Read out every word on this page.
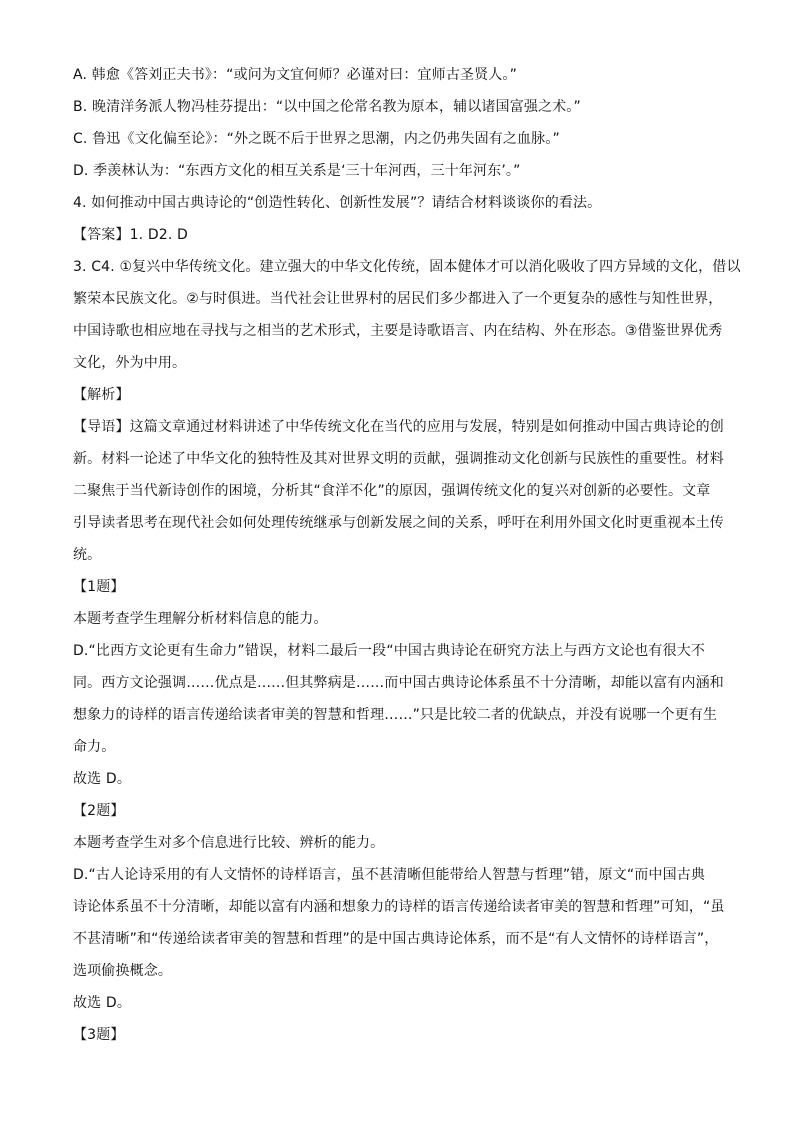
A. 韩愈《答刘正夫书》：“或问为文宜何师？必谨对曰：宜师古圣贤人。”
B. 晚清洋务派人物冯桂芬提出：“以中国之伦常名教为原本，辅以诸国富强之术。”
C. 鲁迅《文化偏至论》：“外之既不后于世界之思潮，内之仍弗失固有之血脉。”
D. 季羡林认为：“东西方文化的相互关系是‘三十年河西，三十年河东’。”
4. 如何推动中国古典诗论的“创造性转化、创新性发展”？请结合材料谈谈你的看法。
【答案】1. D2. D
3. C4. ①复兴中华传统文化。建立强大的中华文化传统，固本健体才可以消化吸收了四方异域的文化，借以
繁荣本民族文化。②与时俱进。当代社会让世界村的居民们多少都进入了一个更复杂的感性与知性世界，
中国诗歌也相应地在寻找与之相当的艺术形式，主要是诗歌语言、内在结构、外在形态。③借鉴世界优秀
文化，外为中用。
【解析】
【导语】这篇文章通过材料讲述了中华传统文化在当代的应用与发展，特别是如何推动中国古典诗论的创
新。材料一论述了中华文化的独特性及其对世界文明的贡献，强调推动文化创新与民族性的重要性。材料
二聚焦于当代新诗创作的困境，分析其“食洋不化”的原因，强调传统文化的复兴对创新的必要性。文章
引导读者思考在现代社会如何处理传统继承与创新发展之间的关系，呼吁在利用外国文化时更重视本土传
统。
【1题】
本题考查学生理解分析材料信息的能力。
D.“比西方文论更有生命力”错误，材料二最后一段“中国古典诗论在研究方法上与西方文论也有很大不
同。西方文论强调……优点是……但其弊病是……而中国古典诗论体系虽不十分清晰，却能以富有内涵和
想象力的诗样的语言传递给读者审美的智慧和哲理……”只是比较二者的优缺点，并没有说哪一个更有生
命力。
故选 D。
【2题】
本题考查学生对多个信息进行比较、辨析的能力。
D.“古人论诗采用的有人文情怀的诗样语言，虽不甚清晰但能带给人智慧与哲理”错，原文“而中国古典
诗论体系虽不十分清晰，却能以富有内涵和想象力的诗样的语言传递给读者审美的智慧和哲理”可知，“虽
不甚清晰”和“传递给读者审美的智慧和哲理”的是中国古典诗论体系，而不是“有人文情怀的诗样语言”，
选项偷换概念。
故选 D。
【3题】
